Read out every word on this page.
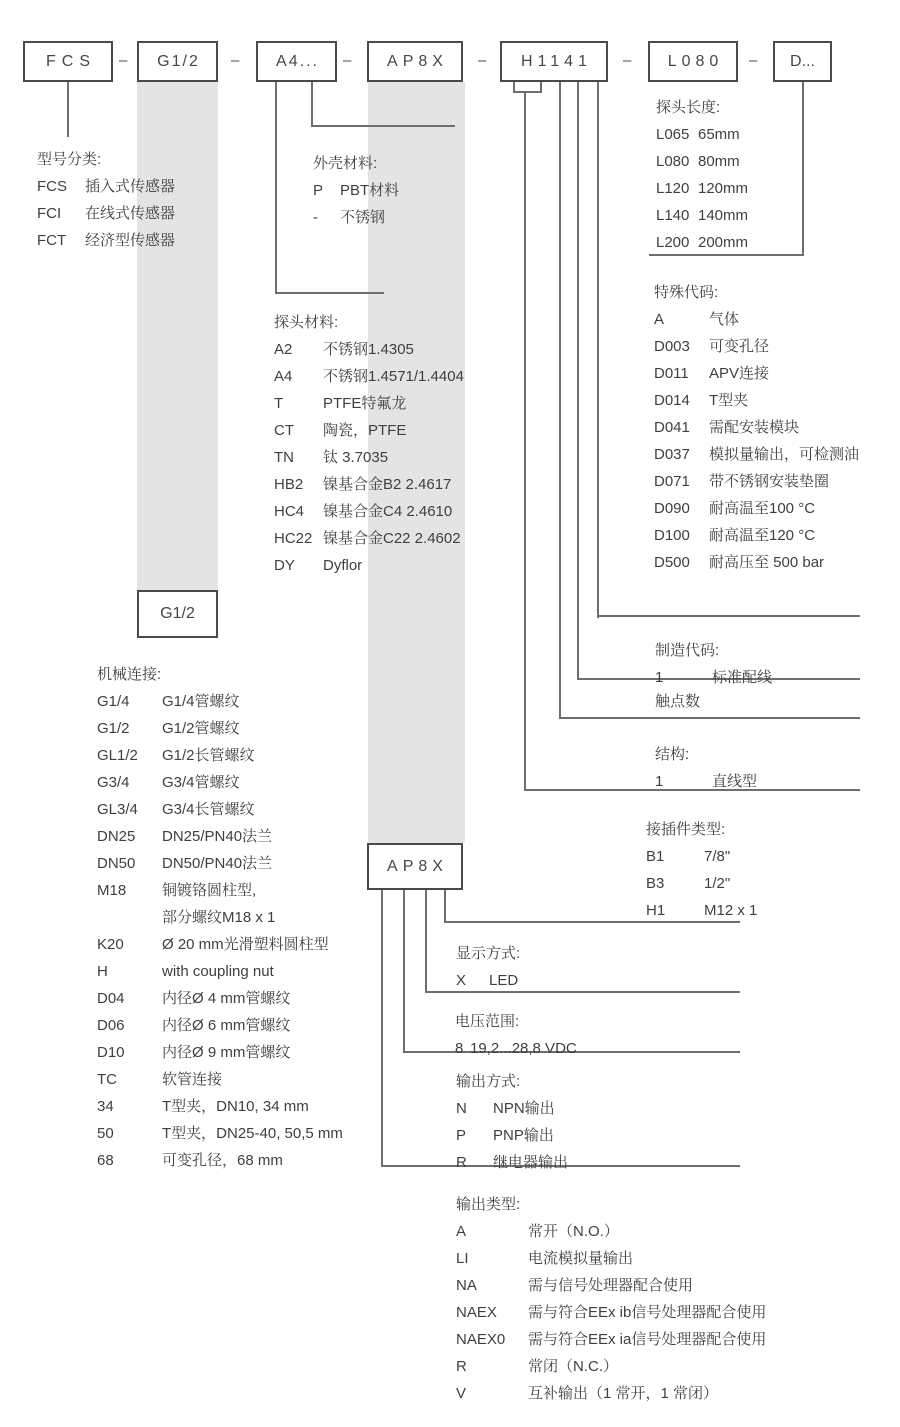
FCS	–	G1/2	–	A4...	–	AP8X	–	H1141	–	L080	–	D...
G1/2
AP8X
型号分类:
FCS	插入式传感器
FCI	在线式传感器
FCT	经济型传感器
外壳材料:
P	PBT材料
-	不锈钢
探头材料:
A2	不锈钢1.4305
A4	不锈钢1.4571/1.4404
T	PTFE特氟龙
CT	陶瓷，PTFE
TN	钛 3.7035
HB2	镍基合金B2 2.4617
HC4	镍基合金C4 2.4610
HC22 镍基合金C22 2.4602
DY	Dyflor
探头长度:
L065 65mm
L080 80mm
L120 120mm
L140 140mm
L200 200mm
特殊代码:
A	气体
D003	可变孔径
D011	APV连接
D014	T型夹
D041	需配安装模块
D037	模拟量输出，可检测油
D071	带不锈钢安装垫圈
D090	耐高温至100 °C
D100	耐高温至120 °C
D500	耐高压至 500 bar
制造代码:
1	标准配线
触点数
结构:
1	直线型
接插件类型:
B1	7/8"
B3	1/2"
H1	M12 x 1
机械连接:
G1/4	G1/4管螺纹
G1/2	G1/2管螺纹
GL1/2	G1/2长管螺纹
G3/4	G3/4管螺纹
GL3/4	G3/4长管螺纹
DN25	DN25/PN40法兰
DN50	DN50/PN40法兰
M18	铜镀铬圆柱型,
部分螺纹M18 x 1
K20	Ø 20 mm光滑塑料圆柱型
H	with coupling nut
D04	内径Ø 4 mm管螺纹
D06	内径Ø 6 mm管螺纹
D10	内径Ø 9 mm管螺纹
TC	软管连接
34	T型夹，DN10, 34 mm
50	T型夹，DN25-40, 50,5 mm
68	可变孔径，68 mm
显示方式:
X	LED
电压范围:
8 19,2...28,8 VDC
输出方式:
N	NPN输出
P	PNP输出
R	继电器输出
输出类型:
A	常开（N.O.）
LI	电流模拟量输出
NA	需与信号处理器配合使用
NAEX	需与符合EEx ib信号处理器配合使用
NAEX0	需与符合EEx ia信号处理器配合使用
R	常闭（N.C.）
V	互补输出（1 常开，1 常闭）
